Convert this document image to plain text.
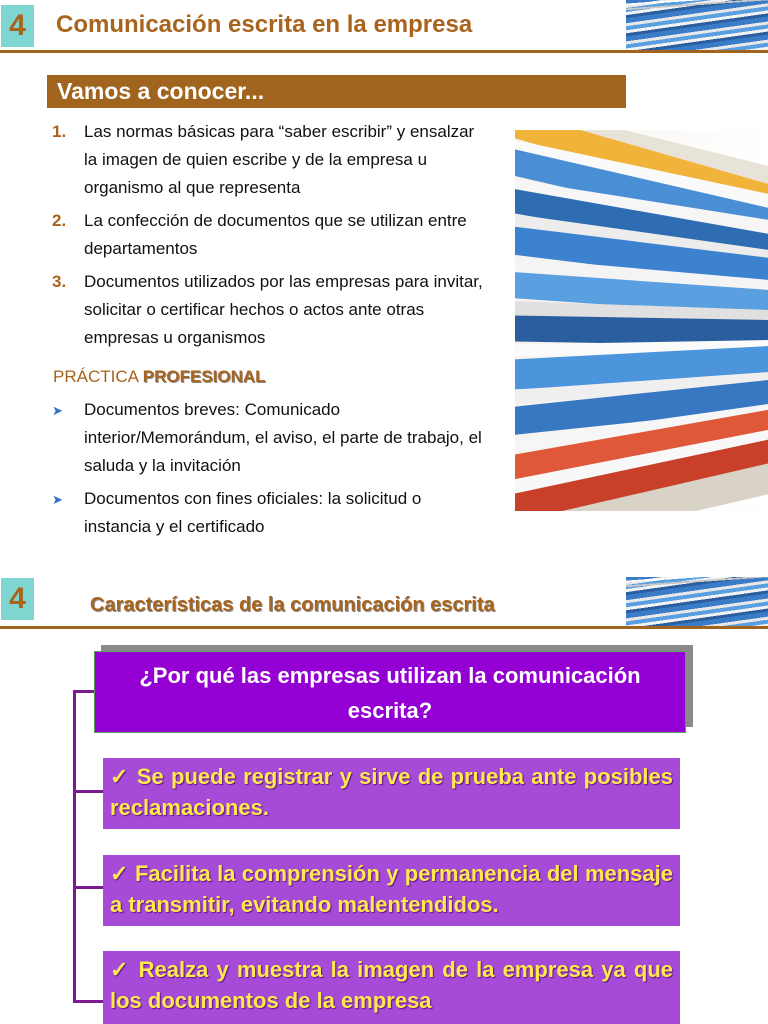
4	Comunicación escrita en la empresa
Vamos a conocer...
1.	Las normas básicas para “saber escribir” y ensalzar la imagen de quien escribe y de la empresa u organismo al que representa
2.	La confección de documentos que se utilizan entre departamentos
3.	Documentos utilizados por las empresas para invitar, solicitar o certificar hechos o actos ante otras empresas u organismos
PRÁCTICA PROFESIONAL
➤	Documentos breves: Comunicado interior/Memorándum, el aviso, el parte de trabajo, el saluda y la invitación
➤	Documentos con fines oficiales: la solicitud o instancia y el certificado
4	Características de la comunicación escrita
¿Por qué las empresas utilizan la comunicación escrita?
✓ Se puede registrar y sirve de prueba ante posibles reclamaciones.
✓ Facilita la comprensión y permanencia del mensaje a transmitir, evitando malentendidos.
✓ Realza y muestra la imagen de la empresa ya que los documentos de la empresa
